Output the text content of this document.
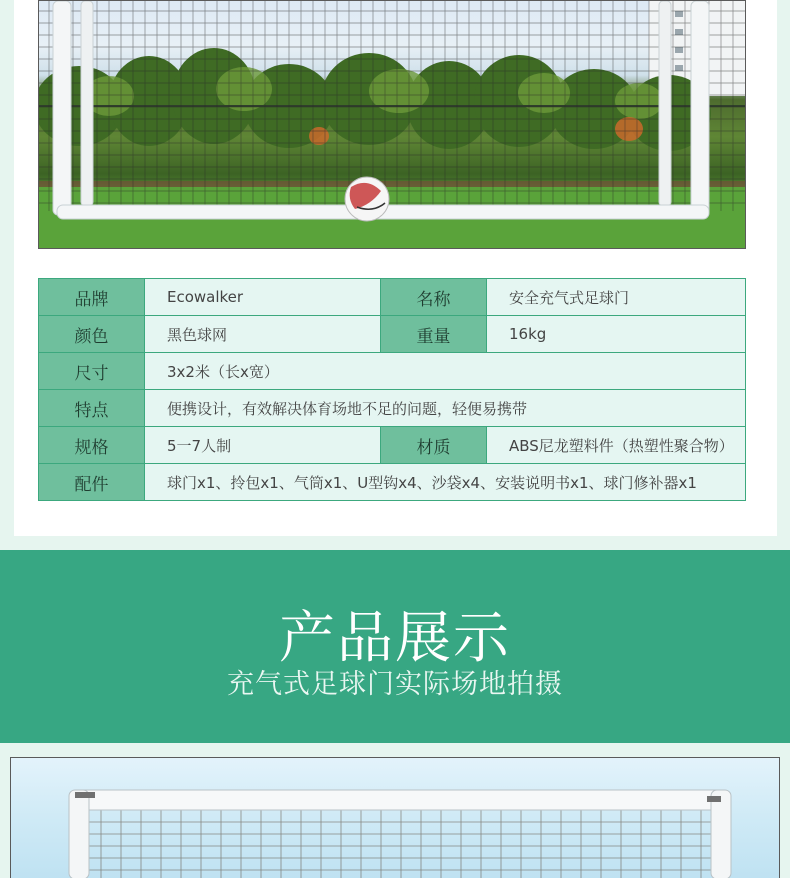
品牌	Ecowalker	名称	安全充气式足球门
颜色	黑色球网	重量	16kg
尺寸	3x2米（长x宽）		
特点	便携设计，有效解决体育场地不足的问题，轻便易携带		
规格	5一7人制	材质	ABS尼龙塑料件（热塑性聚合物）
配件	球门x1、拎包x1、气筒x1、U型钩x4、沙袋x4、安装说明书x1、球门修补器x1		
产品展示
充气式足球门实际场地拍摄
